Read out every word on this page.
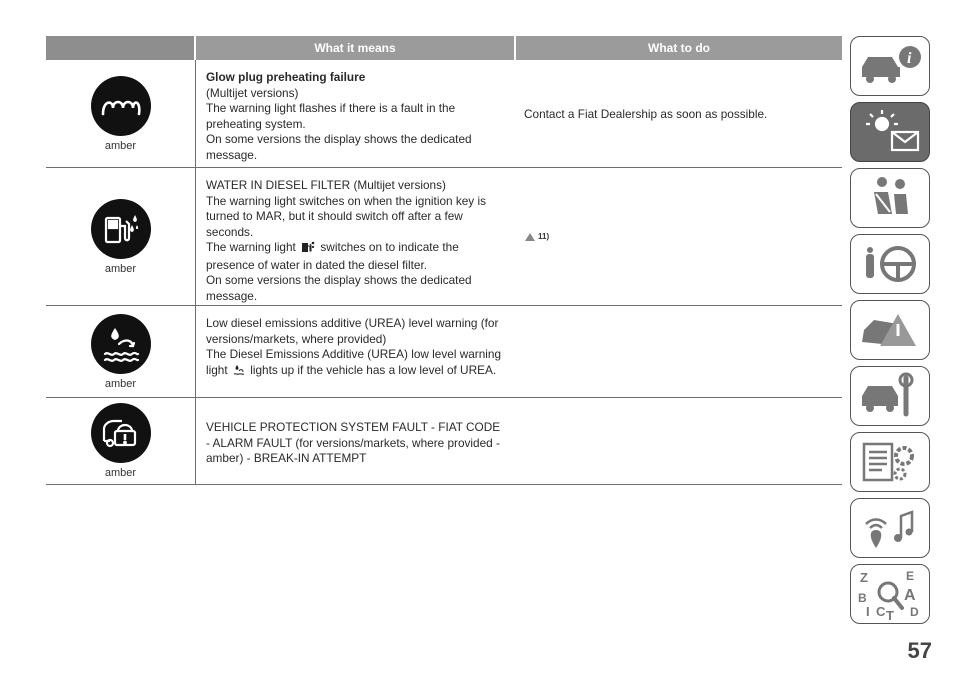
What it means	What to do
amber
Glow plug preheating failure
(Multijet versions)
The warning light flashes if there is a fault in the preheating system.
On some versions the display shows the dedicated message.
Contact a Fiat Dealership as soon as possible.
amber
WATER IN DIESEL FILTER (Multijet versions)
The warning light switches on when the ignition key is turned to MAR, but it should switch off after a few seconds.
The warning light switches on to indicate the presence of water in dated the diesel filter.
On some versions the display shows the dedicated message.
11)
amber
Low diesel emissions additive (UREA) level warning (for versions/markets, where provided)
The Diesel Emissions Additive (UREA) low level warning light lights up if the vehicle has a low level of UREA.
amber
VEHICLE PROTECTION SYSTEM FAULT - FIAT CODE - ALARM FAULT (for versions/markets, where provided - amber) - BREAK-IN ATTEMPT
i
Z	E
B A
I C T D
57
